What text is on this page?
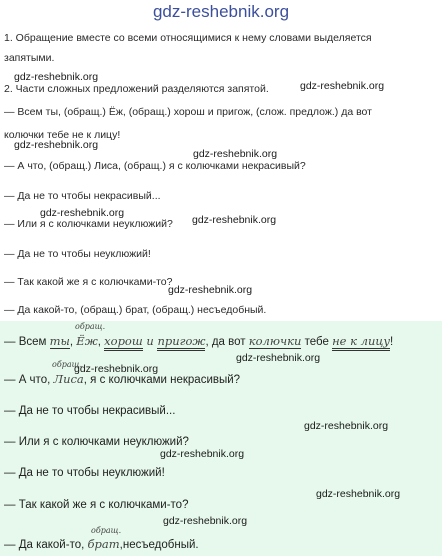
gdz-reshebnik.org
1. Обращение вместе со всеми относящимися к нему словами выделяется
запятыми.
gdz-reshebnik.org
2. Части сложных предложений разделяются запятой.	gdz-reshebnik.org
— Всем ты, (обращ.) Ёж, (обращ.) хорош и пригож, (слож. предлож.) да вот
колючки тебе не к лицу!
gdz-reshebnik.org
gdz-reshebnik.org
— А что, (обращ.) Лиса, (обращ.) я с колючками некрасивый?
— Да не то чтобы некрасивый...
gdz-reshebnik.org
— Или я с колючками неуклюжий? gdz-reshebnik.org
— Да не то чтобы неуклюжий!
— Так какой же я с колючками-то?
gdz-reshebnik.org
— Да какой-то, (обращ.) брат, (обращ.) несъедобный.
обращ.
— Всем ты, Ёж, хорош и пригож, да вот колючки тебе не к лицу!
gdz-reshebnik.org
обращ.
gdz-reshebnik.org
— А что, Лиса, я с колючками некрасивый?
— Да не то чтобы некрасивый...
gdz-reshebnik.org
— Или я с колючками неуклюжий?
gdz-reshebnik.org
— Да не то чтобы неуклюжий!
gdz-reshebnik.org
— Так какой же я с колючками-то?
gdz-reshebnik.org
обращ.
— Да какой-то, брат,несъедобный.
